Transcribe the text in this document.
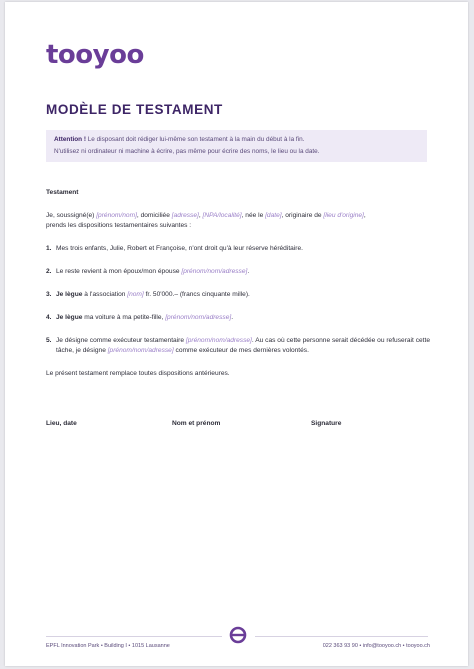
tooyoo
MODÈLE DE TESTAMENT
Attention ! Le disposant doit rédiger lui-même son testament à la main du début à la fin.
N'utilisez ni ordinateur ni machine à écrire, pas même pour écrire des noms, le lieu ou la date.
Testament
Je, soussigné(e) [prénom/nom], domiciliée [adresse], [NPA/localité], née le [date], originaire de [lieu d'origine],
prends les dispositions testamentaires suivantes :
1. Mes trois enfants, Julie, Robert et Françoise, n'ont droit qu'à leur réserve héréditaire.
2. Le reste revient à mon époux/mon épouse [prénom/nom/adresse].
3. Je lègue à l'association [nom] fr. 50'000.– (francs cinquante mille).
4. Je lègue ma voiture à ma petite-fille, [prénom/nom/adresse].
5. Je désigne comme exécuteur testamentaire [prénom/nom/adresse]. Au cas où cette personne serait décédée ou refuserait cette tâche, je désigne [prénom/nom/adresse] comme exécuteur de mes dernières volontés.
Le présent testament remplace toutes dispositions antérieures.
Lieu, date	Nom et prénom	Signature
EPFL Innovation Park • Building I • 1015 Lausanne	022 363 93 90 • info@tooyoo.ch • tooyoo.ch
